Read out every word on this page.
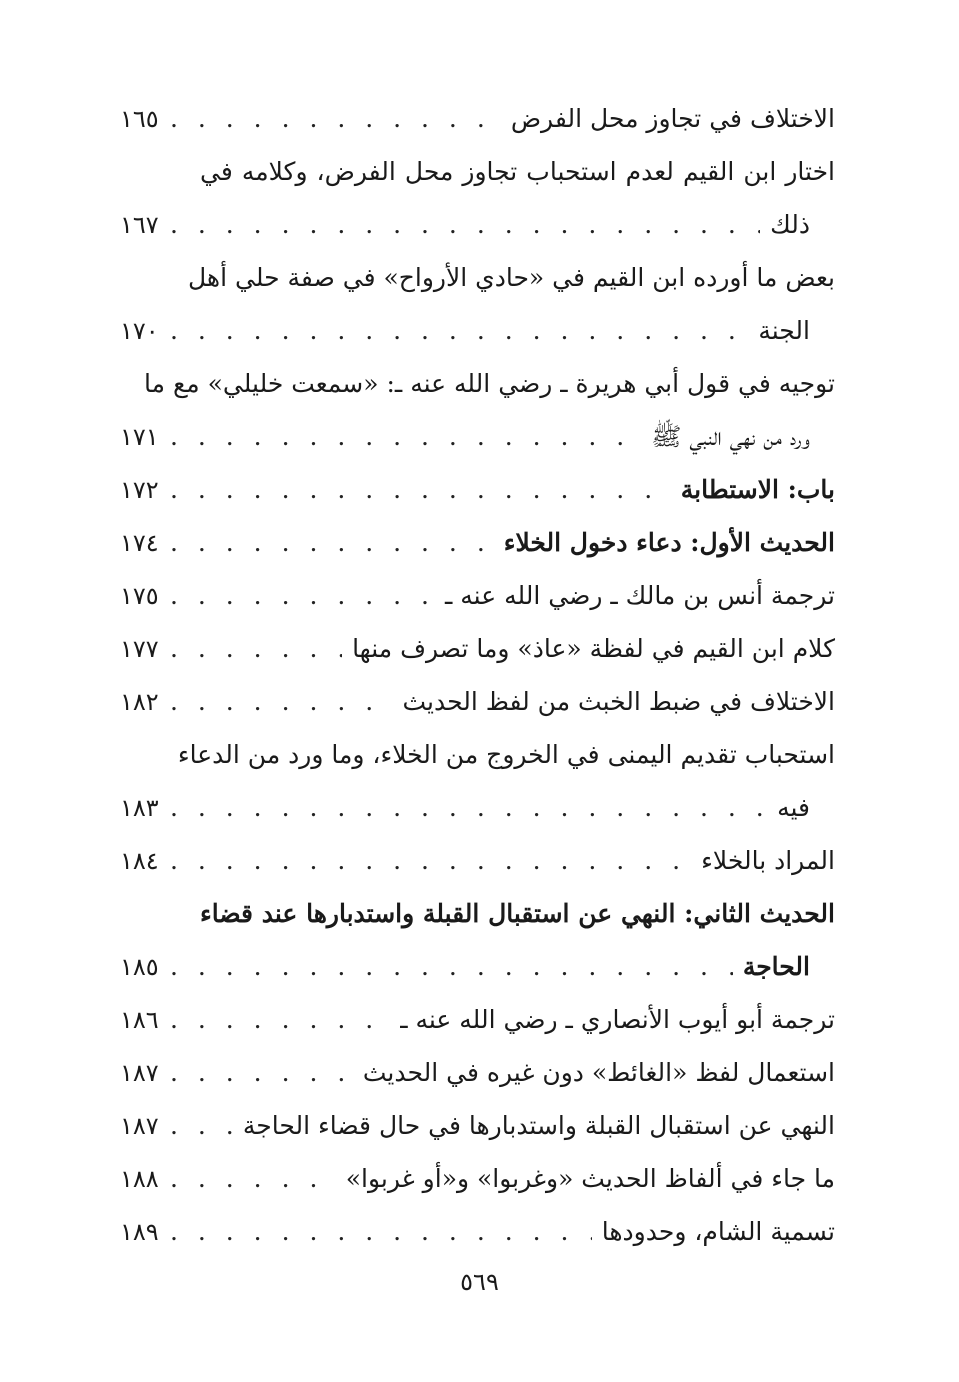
الاختلاف في تجاوز محل الفرض
. . .
١٦٥
اختار ابن القيم لعدم استحباب تجاوز محل الفرض، وكلامه في
ذلك
. . .
١٦٧
بعض ما أورده ابن القيم في «حادي الأرواح» في صفة حلي أهل
الجنة
. . .
١٧٠
توجيه في قول أبي هريرة ـ رضي الله عنه ـ: «سمعت خليلي» مع ما
ورد من نهي النبي ﷺ
. . .
١٧١
باب: الاستطابة
. . .
١٧٢
الحديث الأول: دعاء دخول الخلاء
. . .
١٧٤
ترجمة أنس بن مالك ـ رضي الله عنه ـ
. . .
١٧٥
كلام ابن القيم في لفظة «عاذ» وما تصرف منها
. . .
١٧٧
الاختلاف في ضبط الخبث من لفظ الحديث
. . .
١٨٢
استحباب تقديم اليمنى في الخروج من الخلاء، وما ورد من الدعاء
فيه
. . .
١٨٣
المراد بالخلاء
. . .
١٨٤
الحديث الثاني: النهي عن استقبال القبلة واستدبارها عند قضاء
الحاجة
. . .
١٨٥
ترجمة أبو أيوب الأنصاري ـ رضي الله عنه ـ
. . .
١٨٦
استعمال لفظ «الغائط» دون غيره في الحديث
. . .
١٨٧
النهي عن استقبال القبلة واستدبارها في حال قضاء الحاجة
. . .
١٨٧
ما جاء في ألفاظ الحديث «وغربوا» و«أو غربوا»
. . .
١٨٨
تسمية الشام، وحدودها
. . .
١٨٩
٥٦٩
